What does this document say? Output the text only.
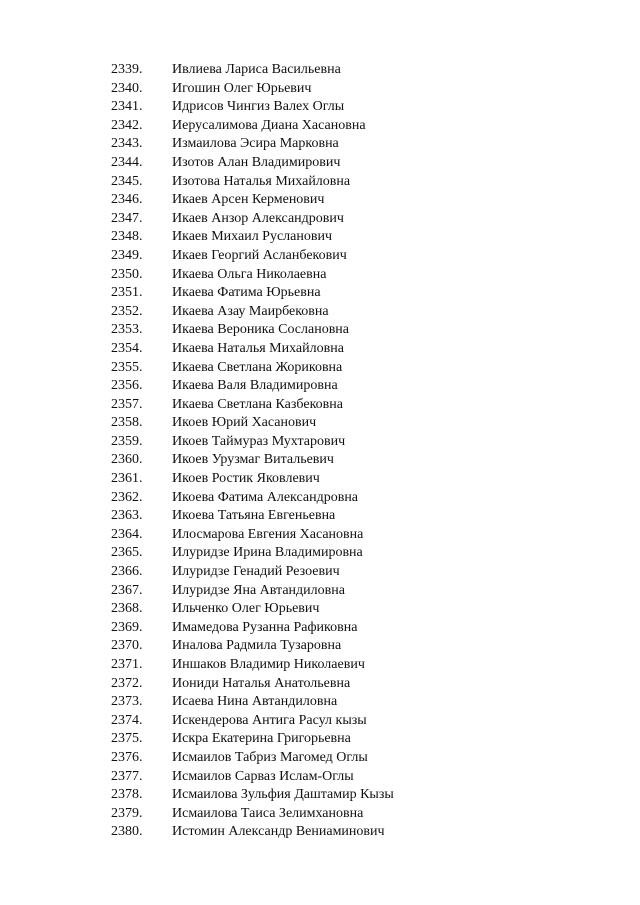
2339. Ивлиева Лариса Васильевна
2340. Игошин Олег Юрьевич
2341. Идрисов Чингиз Валех Оглы
2342. Иерусалимова Диана Хасановна
2343. Измаилова Эсира Марковна
2344. Изотов Алан Владимирович
2345. Изотова Наталья Михайловна
2346. Икаев Арсен Керменович
2347. Икаев Анзор Александрович
2348. Икаев Михаил Русланович
2349. Икаев Георгий Асланбекович
2350. Икаева Ольга Николаевна
2351. Икаева Фатима Юрьевна
2352. Икаева Азау Маирбековна
2353. Икаева Вероника Сослановна
2354. Икаева Наталья Михайловна
2355. Икаева Светлана Жориковна
2356. Икаева Валя Владимировна
2357. Икаева Светлана Казбековна
2358. Икоев Юрий Хасанович
2359. Икоев Таймураз Мухтарович
2360. Икоев Урузмаг Витальевич
2361. Икоев Ростик Яковлевич
2362. Икоева Фатима Александровна
2363. Икоева Татьяна Евгеньевна
2364. Илосмарова Евгения Хасановна
2365. Илуридзе Ирина Владимировна
2366. Илуридзе Генадий Резоевич
2367. Илуридзе Яна Автандиловна
2368. Ильченко Олег Юрьевич
2369. Имамедова Рузанна Рафиковна
2370. Иналова Радмила Тузаровна
2371. Иншаков Владимир Николаевич
2372. Иониди Наталья Анатольевна
2373. Исаева Нина Автандиловна
2374. Искендерова Антига Расул кызы
2375. Искра Екатерина Григорьевна
2376. Исмаилов Табриз Магомед Оглы
2377. Исмаилов Сарваз Ислам-Оглы
2378. Исмаилова Зульфия Даштамир Кызы
2379. Исмаилова Таиса Зелимхановна
2380. Истомин Александр Вениаминович
